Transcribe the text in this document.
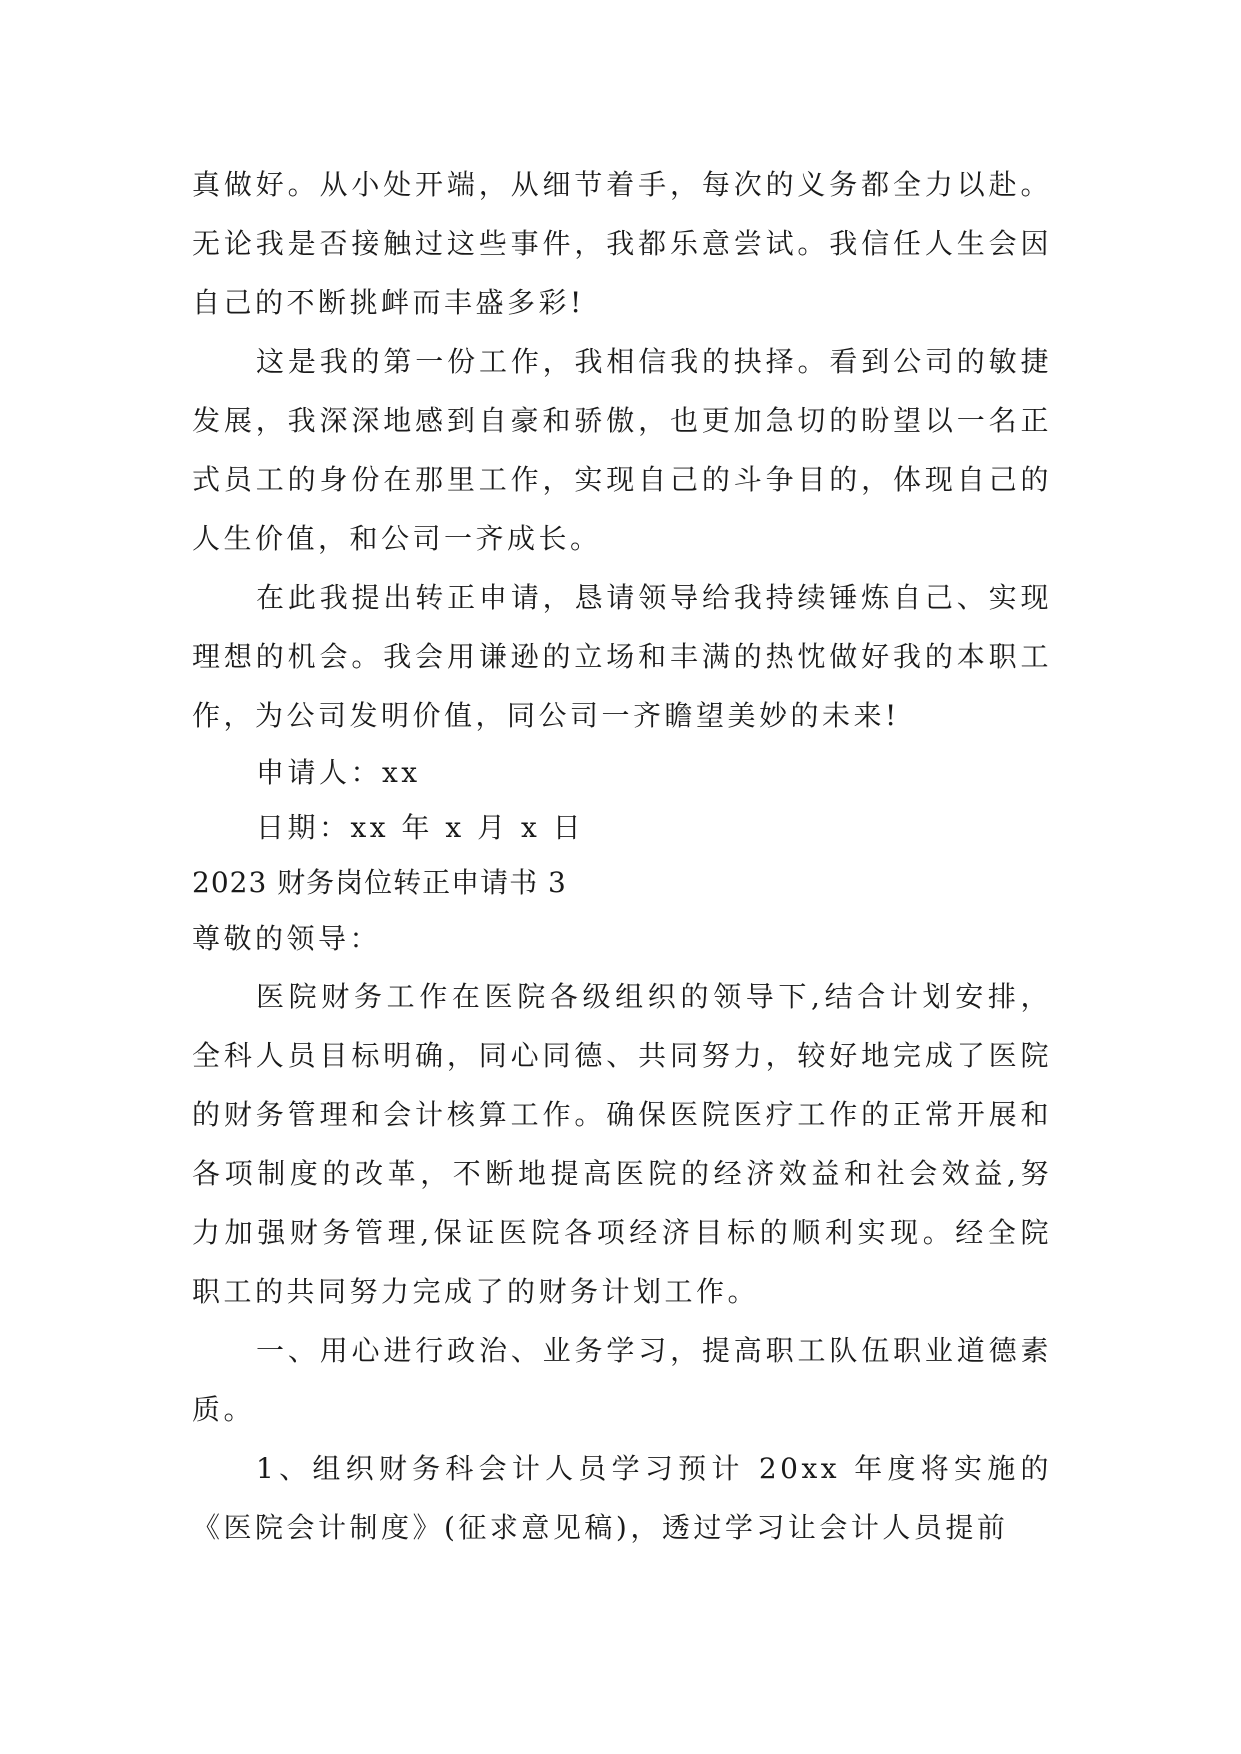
真做好。从小处开端，从细节着手，每次的义务都全力以赴。无论我是否接触过这些事件，我都乐意尝试。我信任人生会因自己的不断挑衅而丰盛多彩!

这是我的第一份工作，我相信我的抉择。看到公司的敏捷发展，我深深地感到自豪和骄傲，也更加急切的盼望以一名正式员工的身份在那里工作，实现自己的斗争目的，体现自己的人生价值，和公司一齐成长。

在此我提出转正申请，恳请领导给我持续锤炼自己、实现理想的机会。我会用谦逊的立场和丰满的热忱做好我的本职工作，为公司发明价值，同公司一齐瞻望美妙的未来!

申请人：xx

日期：xx 年 x 月 x 日

2023 财务岗位转正申请书 3

尊敬的领导：

医院财务工作在医院各级组织的领导下,结合计划安排，全科人员目标明确，同心同德、共同努力，较好地完成了医院的财务管理和会计核算工作。确保医院医疗工作的正常开展和各项制度的改革，不断地提高医院的经济效益和社会效益,努力加强财务管理,保证医院各项经济目标的顺利实现。经全院职工的共同努力完成了的财务计划工作。

一、用心进行政治、业务学习，提高职工队伍职业道德素质。

1、组织财务科会计人员学习预计 20xx 年度将实施的《医院会计制度》(征求意见稿)，透过学习让会计人员提前
